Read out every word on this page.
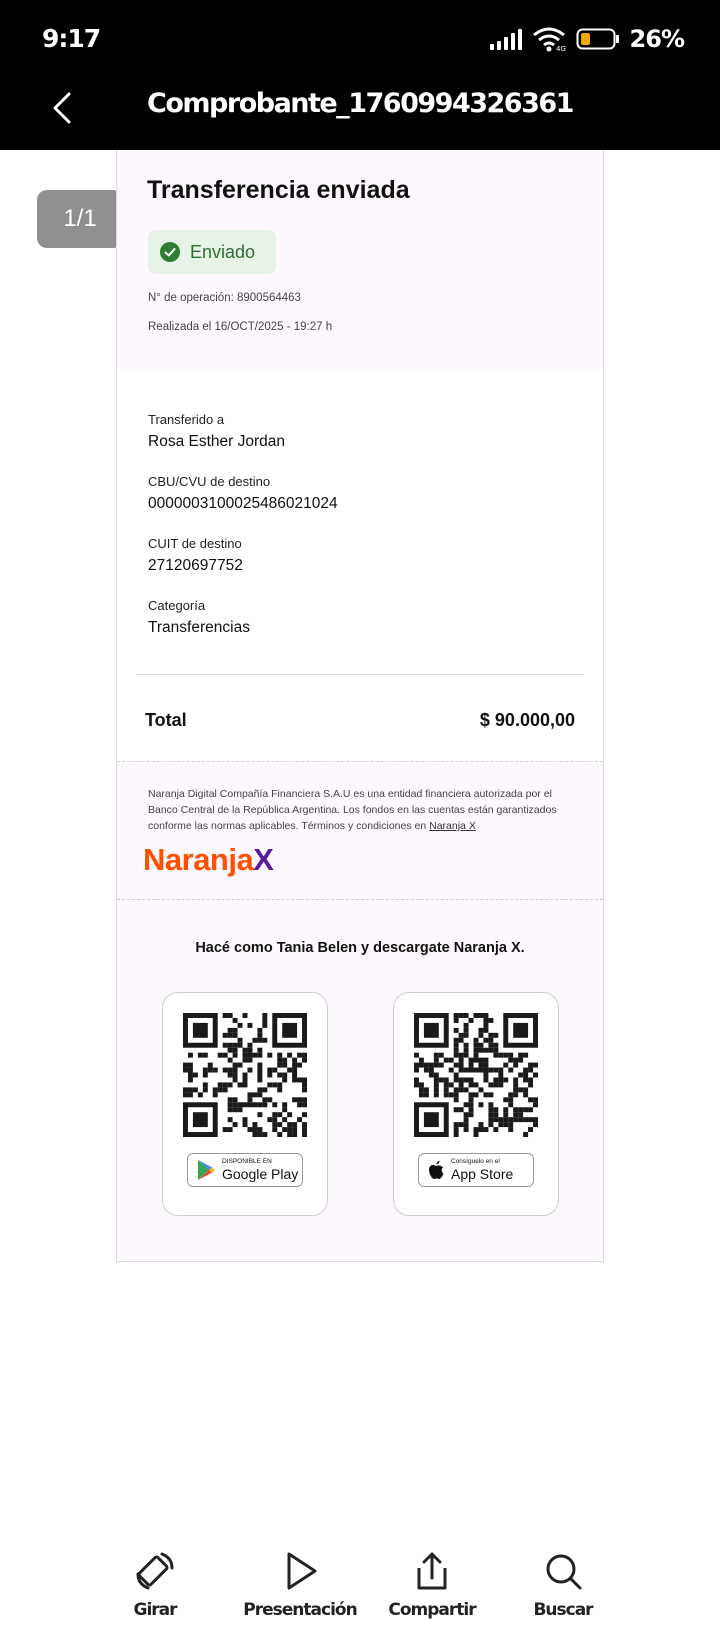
9:17	4G	26%
Comprobante_1760994326361
1/1
Transferencia enviada
Enviado
N° de operación: 8900564463
Realizada el 16/OCT/2025 - 19:27 h
Transferido a
Rosa Esther Jordan
CBU/CVU de destino
0000003100025486021024
CUIT de destino
27120697752
Categoría
Transferencias
Total	$ 90.000,00
Naranja Digital Compañía Financiera S.A.U es una entidad financiera autorizada por el Banco Central de la República Argentina. Los fondos en las cuentas están garantizados conforme las normas aplicables. Términos y condiciones en Naranja X
NaranjaX
Hacé como Tania Belen y descargate Naranja X.
DISPONIBLE EN
Google Play
Consíguelo en el
App Store
Girar	Presentación Compartir	Buscar
